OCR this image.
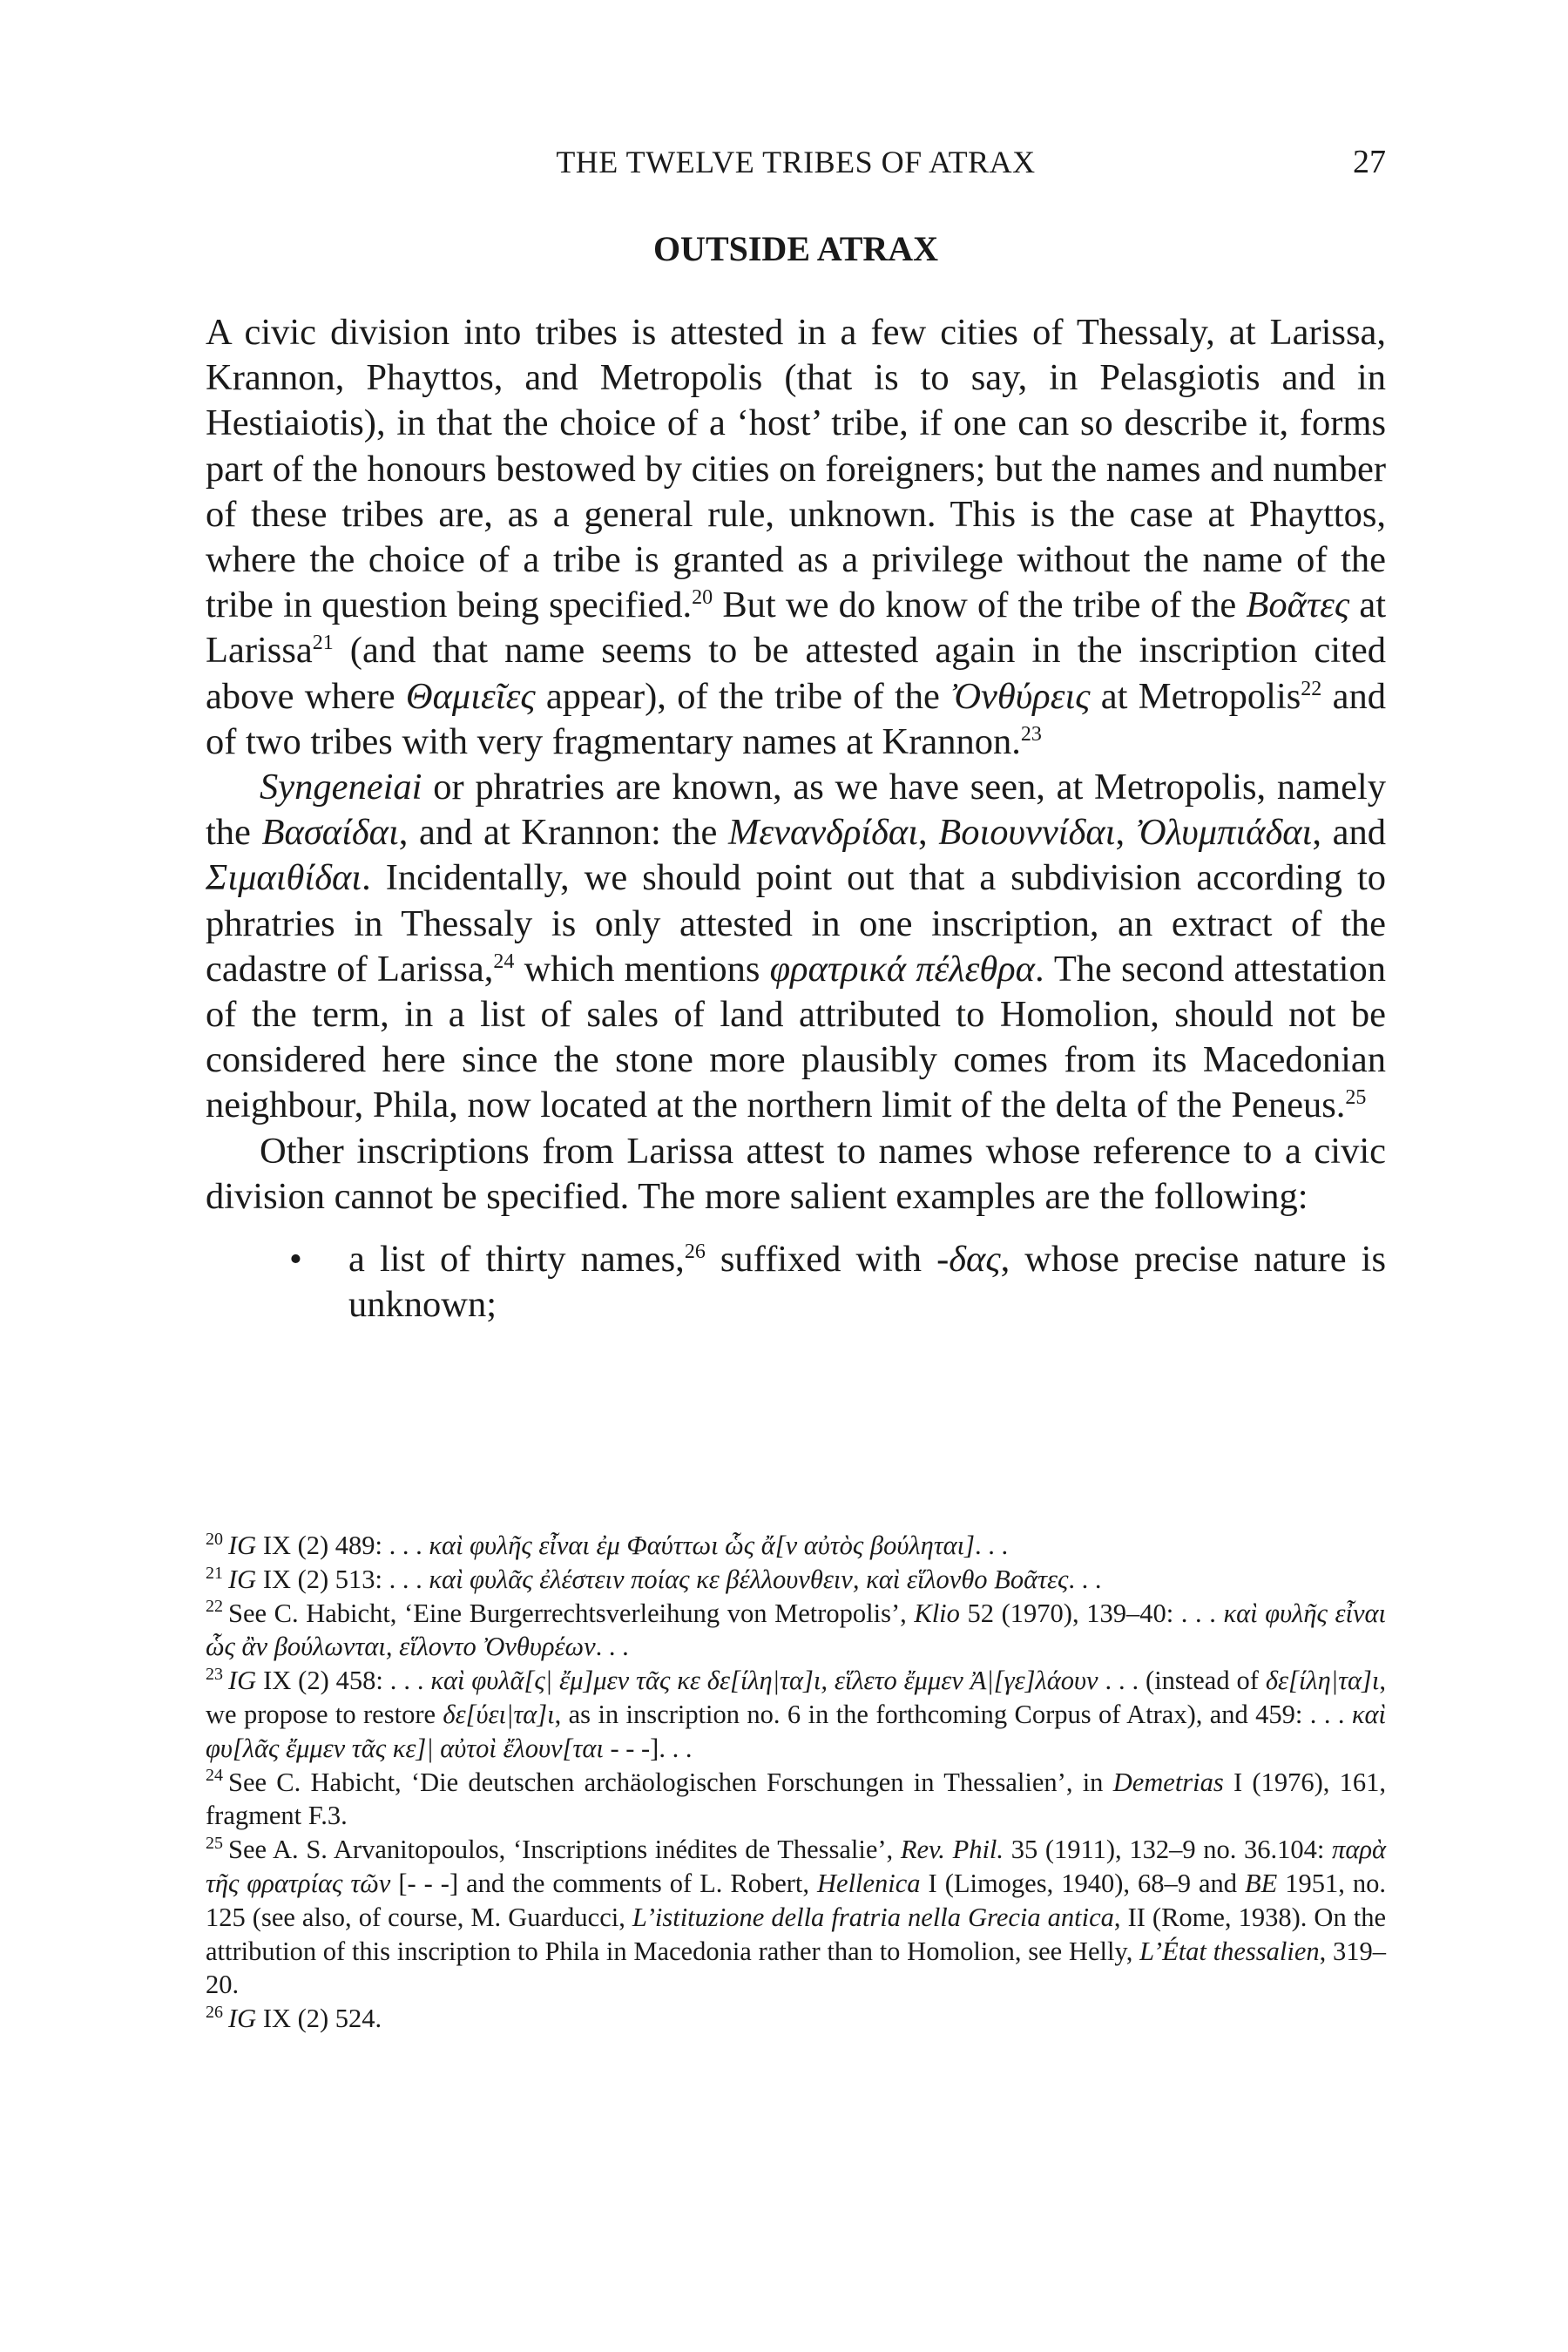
THE TWELVE TRIBES OF ATRAX	27
OUTSIDE ATRAX

A civic division into tribes is attested in a few cities of Thessaly, at Larissa, Krannon, Phayttos, and Metropolis (that is to say, in Pelasgiotis and in Hestiaiotis), in that the choice of a ‘host’ tribe, if one can so describe it, forms part of the honours bestowed by cities on foreigners; but the names and number of these tribes are, as a general rule, unknown. This is the case at Phayttos, where the choice of a tribe is granted as a privilege without the name of the tribe in question being specified.$^{20}$ But we do know of the tribe of the Βοᾶτες at Larissa$^{21}$ (and that name seems to be attested again in the inscription cited above where Θαμιεῖες appear), of the tribe of the Ὀνθύρεις at Metropolis$^{22}$ and of two tribes with very fragmentary names at Krannon.$^{23}$

Syngeneiai or phratries are known, as we have seen, at Metropolis, namely the Βασαίδαι, and at Krannon: the Μενανδρίδαι, Βοιουννίδαι, Ὀλυμπιάδαι, and Σιμαιθίδαι. Incidentally, we should point out that a subdivision according to phratries in Thessaly is only attested in one inscription, an extract of the cadastre of Larissa,$^{24}$ which mentions φρατρικά πέλεθρα. The second attestation of the term, in a list of sales of land attributed to Homolion, should not be considered here since the stone more plausibly comes from its Macedonian neighbour, Phila, now located at the northern limit of the delta of the Peneus.$^{25}$

Other inscriptions from Larissa attest to names whose reference to a civic division cannot be specified. The more salient examples are the following:

• a list of thirty names,$^{26}$ suffixed with -δας, whose precise nature is unknown;

$^{20}$ IG IX (2) 489: . . . καὶ φυλῆς εἶναι ἐμ Φαύττωι ὧς ἄ[ν αὐτὸς βούληται]. . .

$^{21}$ IG IX (2) 513: . . . καὶ φυλᾶς ἐλέστειν ποίας κε βέλλουνθειν, καὶ εἵλονθο Βοᾶτες. . .

$^{22}$ See C. Habicht, ‘Eine Burgerrechtsverleihung von Metropolis’, Klio 52 (1970), 139–40: . . . καὶ φυλῆς εἶναι ὧς ἂν βούλωνται, εἵλοντο Ὀνθυρέων. . .

$^{23}$ IG IX (2) 458: . . . καὶ φυλᾶ[ς| ἔμ]μεν τᾶς κε δε[ίλη|τα]ι, εἵλετο ἔμμεν Ἀ|[γε]λάουν . . . (instead of δε[ίλη|τα]ι, we propose to restore δε[ύει|τα]ι, as in inscription no. 6 in the forthcoming Corpus of Atrax), and 459: . . . καὶ φυ[λᾶς ἔμμεν τᾶς κε]| αὐτοὶ ἔλουν[ται - - -]. . .

$^{24}$ See C. Habicht, ‘Die deutschen archäologischen Forschungen in Thessalien’, in Demetrias I (1976), 161, fragment F.3.

$^{25}$ See A. S. Arvanitopoulos, ‘Inscriptions inédites de Thessalie’, Rev. Phil. 35 (1911), 132–9 no. 36.104: παρὰ τῆς φρατρίας τῶν [- - -] and the comments of L. Robert, Hellenica I (Limoges, 1940), 68–9 and BE 1951, no. 125 (see also, of course, M. Guarducci, L’istituzione della fratria nella Grecia antica, II (Rome, 1938). On the attribution of this inscription to Phila in Macedonia rather than to Homolion, see Helly, L’État thessalien, 319–20.

$^{26}$ IG IX (2) 524.
